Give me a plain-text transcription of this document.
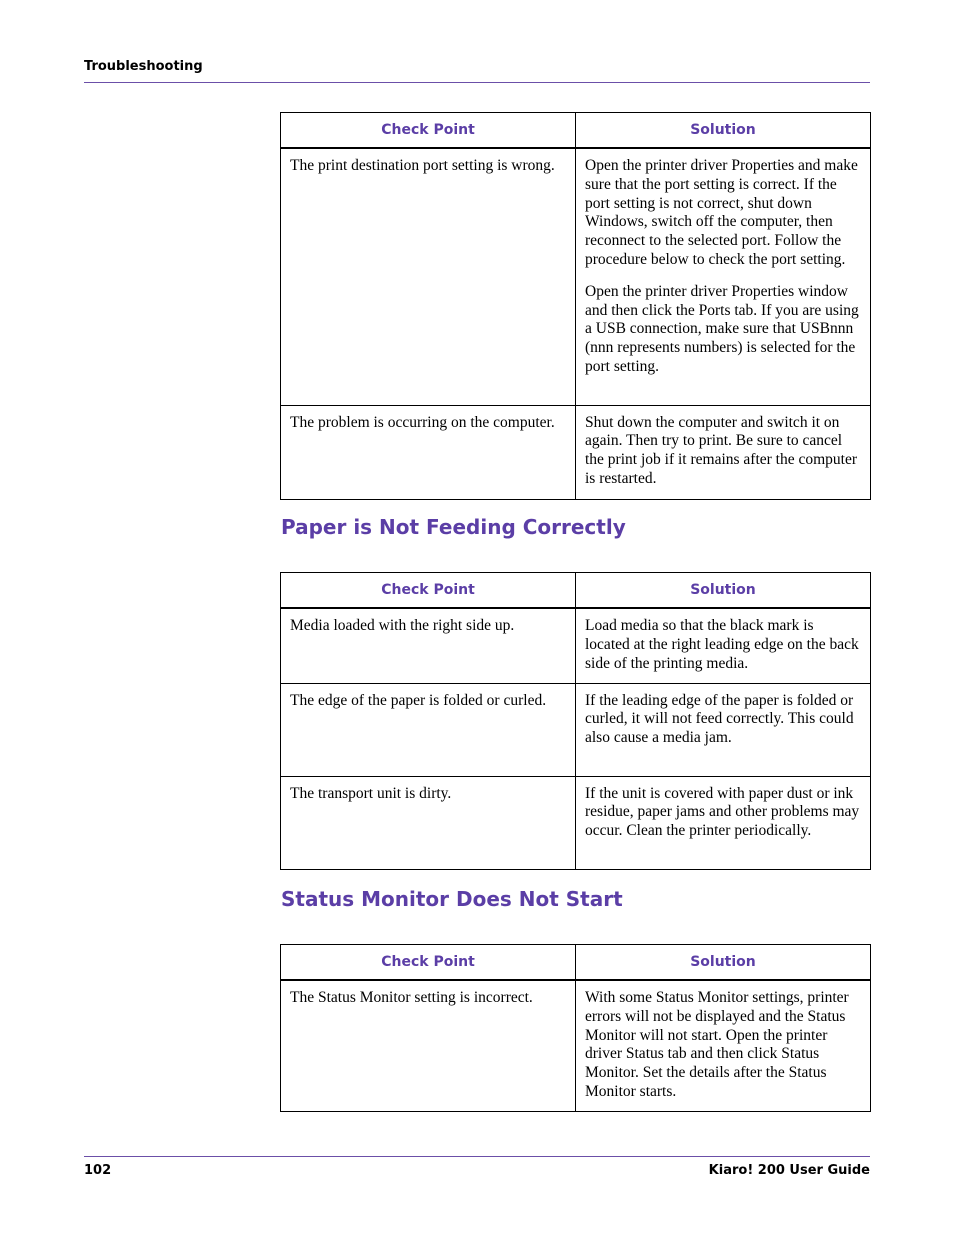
Troubleshooting
Check Point	Solution

The print destination port setting is wrong.	Open the printer driver Properties and make sure that the port setting is correct. If the port setting is not correct, shut down Windows, switch off the computer, then reconnect to the selected port. Follow the procedure below to check the port setting.

Open the printer driver Properties window and then click the Ports tab. If you are using a USB connection, make sure that USBnnn (nnn represents numbers) is selected for the port setting.

The problem is occurring on the computer.	Shut down the computer and switch it on again. Then try to print. Be sure to cancel the print job if it remains after the computer is restarted.

Paper is Not Feeding Correctly
Check Point	Solution

Media loaded with the right side up.	Load media so that the black mark is located at the right leading edge on the back side of the printing media.

The edge of the paper is folded or curled.	If the leading edge of the paper is folded or curled, it will not feed correctly. This could also cause a media jam.

The transport unit is dirty.	If the unit is covered with paper dust or ink residue, paper jams and other problems may occur. Clean the printer periodically.

Status Monitor Does Not Start
Check Point	Solution

The Status Monitor setting is incorrect.	With some Status Monitor settings, printer errors will not be displayed and the Status Monitor will not start. Open the printer driver Status tab and then click Status Monitor. Set the details after the Status Monitor starts.

102	Kiaro! 200 User Guide
